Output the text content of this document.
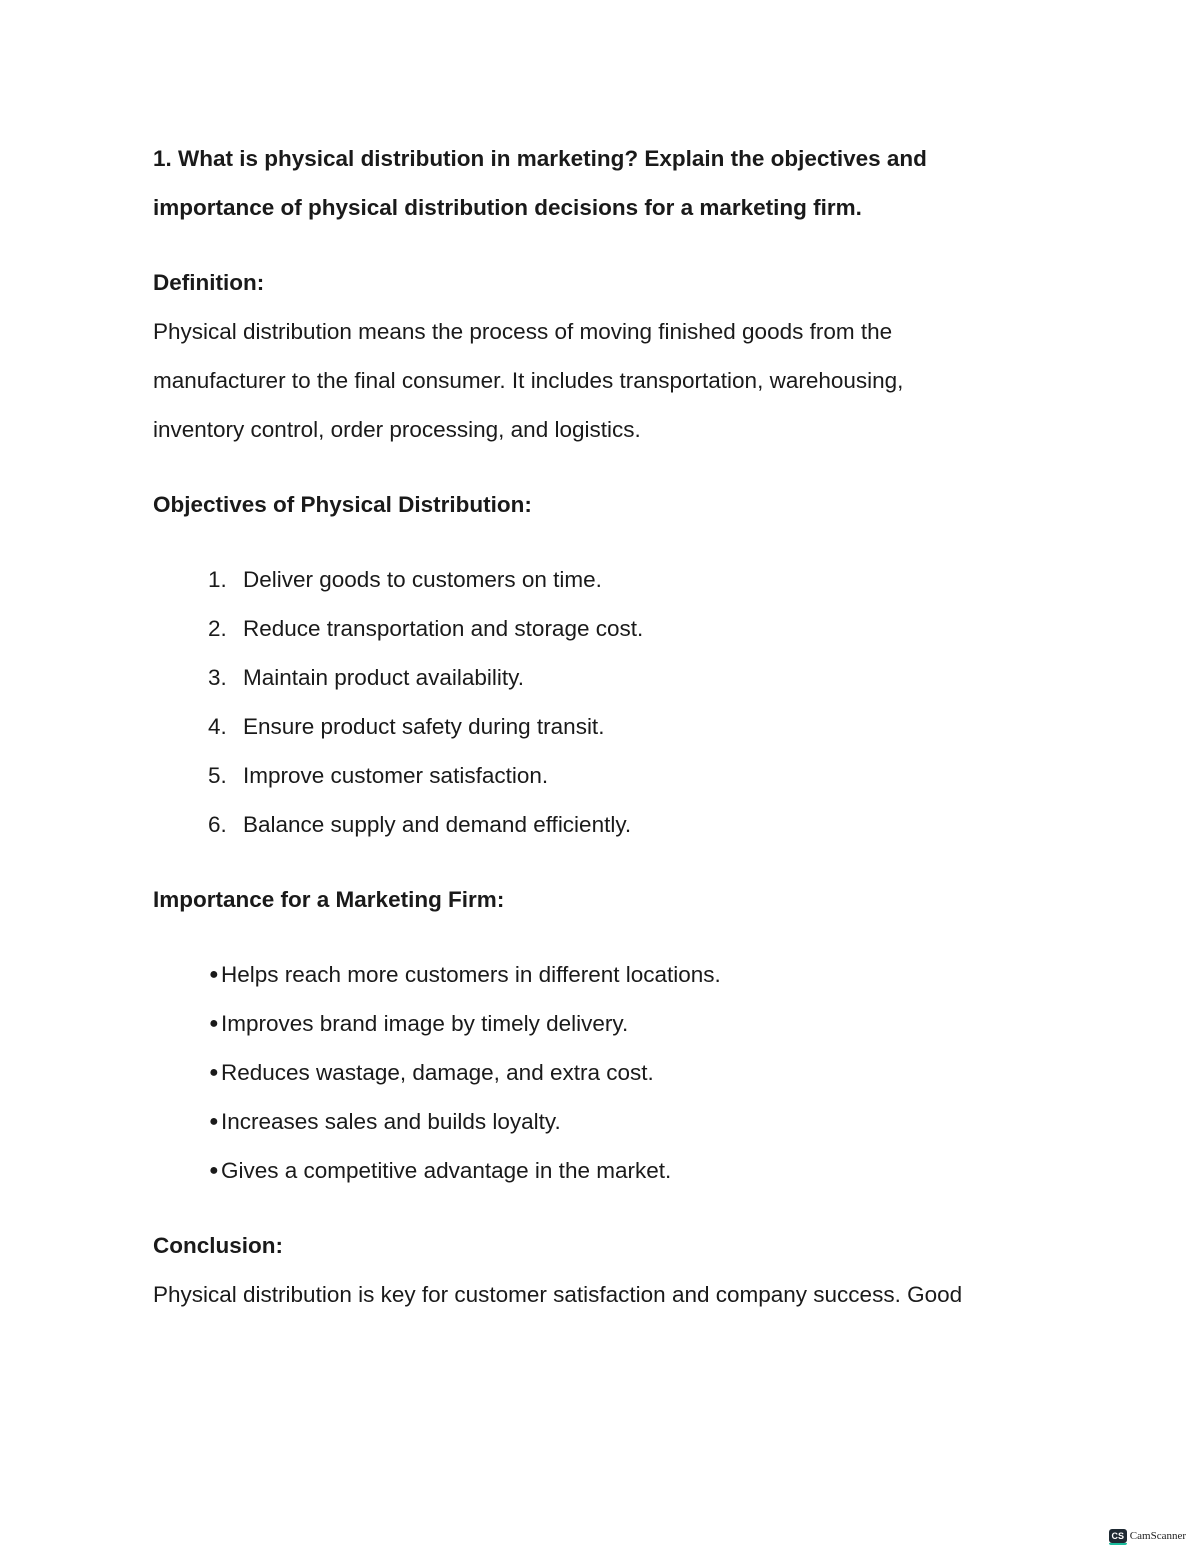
1. What is physical distribution in marketing? Explain the objectives and

importance of physical distribution decisions for a marketing firm.

Definition:

Physical distribution means the process of moving finished goods from the

manufacturer to the final consumer. It includes transportation, warehousing,

inventory control, order processing, and logistics.

Objectives of Physical Distribution:

1. Deliver goods to customers on time.
2. Reduce transportation and storage cost.
3. Maintain product availability.
4. Ensure product safety during transit.
5. Improve customer satisfaction.
6. Balance supply and demand efficiently.

Importance for a Marketing Firm:

● Helps reach more customers in different locations.
● Improves brand image by timely delivery.
● Reduces wastage, damage, and extra cost.
● Increases sales and builds loyalty.
● Gives a competitive advantage in the market.

Conclusion:

Physical distribution is key for customer satisfaction and company success. Good

CS CamScanner
